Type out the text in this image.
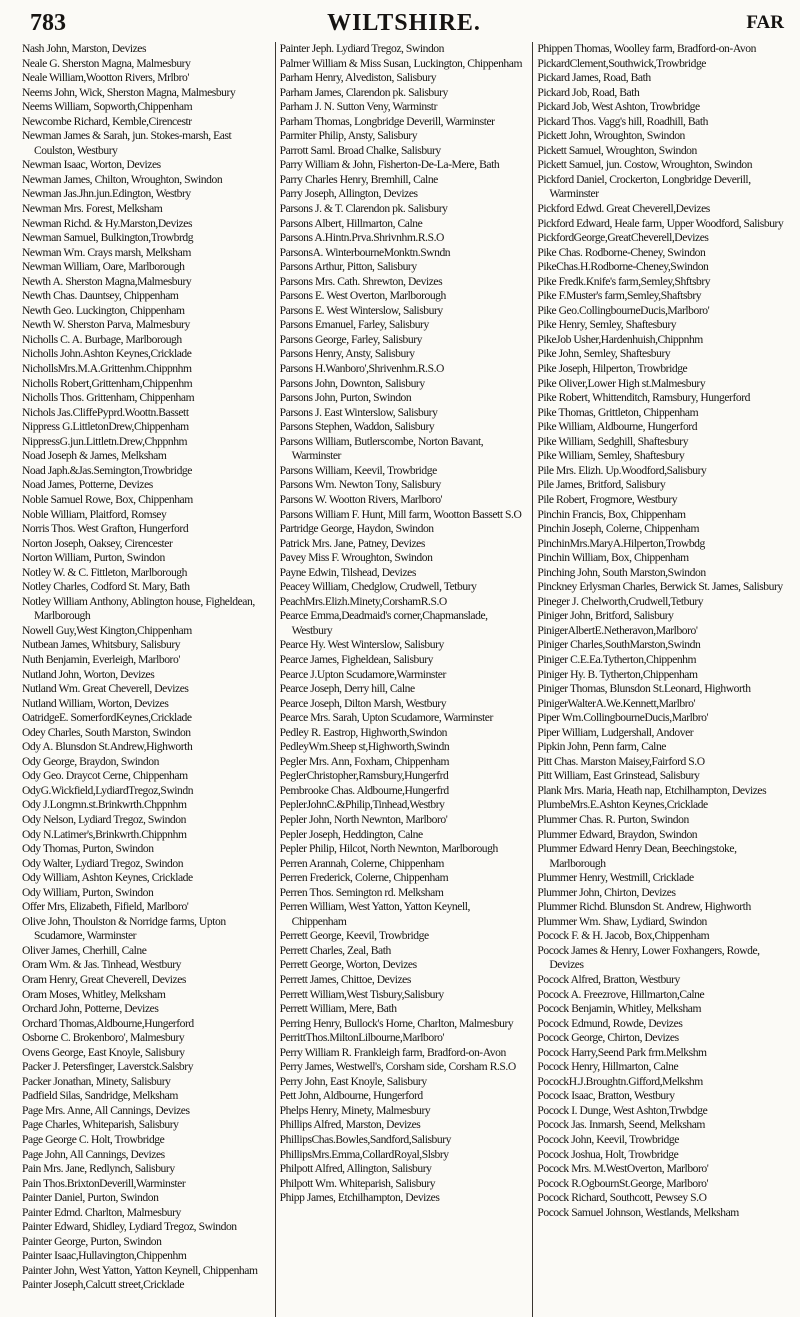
783	WILTSHIRE.	FAR
Nash John, Marston, Devizes
Neale G. Sherston Magna, Malmesbury
Neale William,Wootton Rivers, Mrlbro'
Neems John, Wick, Sherston Magna, Malmesbury
Neems William, Sopworth,Chippenham
Newcombe Richard, Kemble,Cirencestr
Newman James & Sarah, jun. Stokes-marsh, East Coulston, Westbury
Newman Isaac, Worton, Devizes
Newman James, Chilton, Wroughton, Swindon
Newman Jas.Jhn.jun.Edington, Westbry
Newman Mrs. Forest, Melksham
Newman Richd. & Hy.Marston,Devizes
Newman Samuel, Bulkington,Trowbrdg
Newman Wm. Crays marsh, Melksham
Newman William, Oare, Marlborough
Newth A. Sherston Magna,Malmesbury
Newth Chas. Dauntsey, Chippenham
Newth Geo. Luckington, Chippenham
Newth W. Sherston Parva, Malmesbury
Nicholls C. A. Burbage, Marlborough
Nicholls John.Ashton Keynes,Cricklade
NichollsMrs.M.A.Grittenhm.Chippnhm
Nicholls Robert,Grittenham,Chippenhm
Nicholls Thos. Grittenham, Chippenham
Nichols Jas.CliffePyprd.Woottn.Bassett
Nippress G.LittletonDrew,Chippenham
NippressG.jun.Littletn.Drew,Chppnhm
Noad Joseph & James, Melksham
Noad Japh.&Jas.Semington,Trowbridge
Noad James, Potterne, Devizes
Noble Samuel Rowe, Box, Chippenham
Noble William, Plaitford, Romsey
Norris Thos. West Grafton, Hungerford
Norton Joseph, Oaksey, Cirencester
Norton William, Purton, Swindon
Notley W. & C. Fittleton, Marlborough
Notley Charles, Codford St. Mary, Bath
Notley William Anthony, Ablington house, Figheldean, Marlborough
Nowell Guy,West Kington,Chippenham
Nutbean James, Whitsbury, Salisbury
Nuth Benjamin, Everleigh, Marlboro'
Nutland John, Worton, Devizes
Nutland Wm. Great Cheverell, Devizes
Nutland William, Worton, Devizes
OatridgeE. SomerfordKeynes,Cricklade
Odey Charles, South Marston, Swindon
Ody A. Blunsdon St.Andrew,Highworth
Ody George, Braydon, Swindon
Ody Geo. Draycot Cerne, Chippenham
OdyG.Wickfield,LydiardTregoz,Swindn
Ody J.Longmn.st.Brinkwrth.Chppnhm
Ody Nelson, Lydiard Tregoz, Swindon
Ody N.Latimer's,Brinkwrth.Chippnhm
Ody Thomas, Purton, Swindon
Ody Walter, Lydiard Tregoz, Swindon
Ody William, Ashton Keynes, Cricklade
Ody William, Purton, Swindon
Offer Mrs, Elizabeth, Fifield, Marlboro'
Olive John, Thoulston & Norridge farms, Upton Scudamore, Warminster
Oliver James, Cherhill, Calne
Oram Wm. & Jas. Tinhead, Westbury
Oram Henry, Great Cheverell, Devizes
Oram Moses, Whitley, Melksham
Orchard John, Potterne, Devizes
Orchard Thomas,Aldbourne,Hungerford
Osborne C. Brokenboro', Malmesbury
Ovens George, East Knoyle, Salisbury
Packer J. Petersfinger, Laverstck.Salsbry
Packer Jonathan, Minety, Salisbury
Padfield Silas, Sandridge, Melksham
Page Mrs. Anne, All Cannings, Devizes
Page Charles, Whiteparish, Salisbury
Page George C. Holt, Trowbridge
Page John, All Cannings, Devizes
Pain Mrs. Jane, Redlynch, Salisbury
Pain Thos.BrixtonDeverill,Warminster
Painter Daniel, Purton, Swindon
Painter Edmd. Charlton, Malmesbury
Painter Edward, Shidley, Lydiard Tregoz, Swindon
Painter George, Purton, Swindon
Painter Isaac,Hullavington,Chippenhm
Painter John, West Yatton, Yatton Keynell, Chippenham
Painter Joseph,Calcutt street,Cricklade
Painter Jeph. Lydiard Tregoz, Swindon
Palmer William & Miss Susan, Luckington, Chippenham
Parham Henry, Alvediston, Salisbury
Parham James, Clarendon pk. Salisbury
Parham J. N. Sutton Veny, Warminstr
Parham Thomas, Longbridge Deverill, Warminster
Parmiter Philip, Ansty, Salisbury
Parrott Saml. Broad Chalke, Salisbury
Parry William & John, Fisherton-De-La-Mere, Bath
Parry Charles Henry, Bremhill, Calne
Parry Joseph, Allington, Devizes
Parsons J. & T. Clarendon pk. Salisbury
Parsons Albert, Hillmarton, Calne
Parsons A.Hintn.Prva.Shrivnhm.R.S.O
ParsonsA. WinterbourneMonktn.Swndn
Parsons Arthur, Pitton, Salisbury
Parsons Mrs. Cath. Shrewton, Devizes
Parsons E. West Overton, Marlborough
Parsons E. West Winterslow, Salisbury
Parsons Emanuel, Farley, Salisbury
Parsons George, Farley, Salisbury
Parsons Henry, Ansty, Salisbury
Parsons H.Wanboro',Shrivenhm.R.S.O
Parsons John, Downton, Salisbury
Parsons John, Purton, Swindon
Parsons J. East Winterslow, Salisbury
Parsons Stephen, Waddon, Salisbury
Parsons William, Butlerscombe, Norton Bavant, Warminster
Parsons William, Keevil, Trowbridge
Parsons Wm. Newton Tony, Salisbury
Parsons W. Wootton Rivers, Marlboro'
Parsons William F. Hunt, Mill farm, Wootton Bassett S.O
Partridge George, Haydon, Swindon
Patrick Mrs. Jane, Patney, Devizes
Pavey Miss F. Wroughton, Swindon
Payne Edwin, Tilshead, Devizes
Peacey William, Chedglow, Crudwell, Tetbury
PeachMrs.Elizh.Minety,CorshamR.S.O
Pearce Emma,Deadmaid's corner,Chapmanslade, Westbury
Pearce Hy. West Winterslow, Salisbury
Pearce James, Figheldean, Salisbury
Pearce J.Upton Scudamore,Warminster
Pearce Joseph, Derry hill, Calne
Pearce Joseph, Dilton Marsh, Westbury
Pearce Mrs. Sarah, Upton Scudamore, Warminster
Pedley R. Eastrop, Highworth,Swindon
PedleyWm.Sheep st,Highworth,Swindn
Pegler Mrs. Ann, Foxham, Chippenham
PeglerChristopher,Ramsbury,Hungerfrd
Pembrooke Chas. Aldbourne,Hungerfrd
PeplerJohnC.&Philip,Tinhead,Westbry
Pepler John, North Newnton, Marlboro'
Pepler Joseph, Heddington, Calne
Pepler Philip, Hilcot, North Newnton, Marlborough
Perren Arannah, Colerne, Chippenham
Perren Frederick, Colerne, Chippenham
Perren Thos. Semington rd. Melksham
Perren William, West Yatton, Yatton Keynell, Chippenham
Perrett George, Keevil, Trowbridge
Perrett Charles, Zeal, Bath
Perrett George, Worton, Devizes
Perrett James, Chittoe, Devizes
Perrett William,West Tisbury,Salisbury
Perrett William, Mere, Bath
Perring Henry, Bullock's Horne, Charlton, Malmesbury
PerrittThos.MiltonLilbourne,Marlboro'
Perry William R. Frankleigh farm, Bradford-on-Avon
Perry James, Westwell's, Corsham side, Corsham R.S.O
Perry John, East Knoyle, Salisbury
Pett John, Aldbourne, Hungerford
Phelps Henry, Minety, Malmesbury
Phillips Alfred, Marston, Devizes
PhillipsChas.Bowles,Sandford,Salisbury
PhillipsMrs.Emma,CollardRoyal,Slsbry
Philpott Alfred, Allington, Salisbury
Philpott Wm. Whiteparish, Salisbury
Phipp James, Etchilhampton, Devizes
Phippen Thomas, Woolley farm, Bradford-on-Avon
PickardClement,Southwick,Trowbridge
Pickard James, Road, Bath
Pickard Job, Road, Bath
Pickard Job, West Ashton, Trowbridge
Pickard Thos. Vagg's hill, Roadhill, Bath
Pickett John, Wroughton, Swindon
Pickett Samuel, Wroughton, Swindon
Pickett Samuel, jun. Costow, Wroughton, Swindon
Pickford Daniel, Crockerton, Longbridge Deverill, Warminster
Pickford Edwd. Great Cheverell,Devizes
Pickford Edward, Heale farm, Upper Woodford, Salisbury
PickfordGeorge,GreatCheverell,Devizes
Pike Chas. Rodborne-Cheney, Swindon
PikeChas.H.Rodborne-Cheney,Swindon
Pike Fredk.Knife's farm,Semley,Shftsbry
Pike F.Muster's farm,Semley,Shaftsbry
Pike Geo.CollingbourneDucis,Marlboro'
Pike Henry, Semley, Shaftesbury
PikeJob Usher,Hardenhuish,Chippnhm
Pike John, Semley, Shaftesbury
Pike Joseph, Hilperton, Trowbridge
Pike Oliver,Lower High st.Malmesbury
Pike Robert, Whittenditch, Ramsbury, Hungerford
Pike Thomas, Grittleton, Chippenham
Pike William, Aldbourne, Hungerford
Pike William, Sedghill, Shaftesbury
Pike William, Semley, Shaftesbury
Pile Mrs. Elizh. Up.Woodford,Salisbury
Pile James, Britford, Salisbury
Pile Robert, Frogmore, Westbury
Pinchin Francis, Box, Chippenham
Pinchin Joseph, Colerne, Chippenham
PinchinMrs.MaryA.Hilperton,Trowbdg
Pinchin William, Box, Chippenham
Pinching John, South Marston,Swindon
Pinckney Erlysman Charles, Berwick St. James, Salisbury
Pineger J. Chelworth,Crudwell,Tetbury
Piniger John, Britford, Salisbury
PinigerAlbertE.Netheravon,Marlboro'
Piniger Charles,SouthMarston,Swindn
Piniger C.E.Ea.Tytherton,Chippenhm
Piniger Hy. B. Tytherton,Chippenham
Piniger Thomas, Blunsdon St.Leonard, Highworth
PinigerWalterA.We.Kennett,Marlbro'
Piper Wm.CollingbourneDucis,Marlbro'
Piper William, Ludgershall, Andover
Pipkin John, Penn farm, Calne
Pitt Chas. Marston Maisey,Fairford S.O
Pitt William, East Grinstead, Salisbury
Plank Mrs. Maria, Heath nap, Etchilhampton, Devizes
PlumbeMrs.E.Ashton Keynes,Cricklade
Plummer Chas. R. Purton, Swindon
Plummer Edward, Braydon, Swindon
Plummer Edward Henry Dean, Beechingstoke, Marlborough
Plummer Henry, Westmill, Cricklade
Plummer John, Chirton, Devizes
Plummer Richd. Blunsdon St. Andrew, Highworth
Plummer Wm. Shaw, Lydiard, Swindon
Pocock F. & H. Jacob, Box,Chippenham
Pocock James & Henry, Lower Foxhangers, Rowde, Devizes
Pocock Alfred, Bratton, Westbury
Pocock A. Freezrove, Hillmarton,Calne
Pocock Benjamin, Whitley, Melksham
Pocock Edmund, Rowde, Devizes
Pocock George, Chirton, Devizes
Pocock Harry,Seend Park frm.Melkshm
Pocock Henry, Hillmarton, Calne
PocockH.J.Broughtn.Gifford,Melkshm
Pocock Isaac, Bratton, Westbury
Pocock I. Dunge, West Ashton,Trwbdge
Pocock Jas. Inmarsh, Seend, Melksham
Pocock John, Keevil, Trowbridge
Pocock Joshua, Holt, Trowbridge
Pocock Mrs. M.WestOverton, Marlboro'
Pocock R.OgbournSt.George, Marlboro'
Pocock Richard, Southcott, Pewsey S.O
Pocock Samuel Johnson, Westlands, Melksham
